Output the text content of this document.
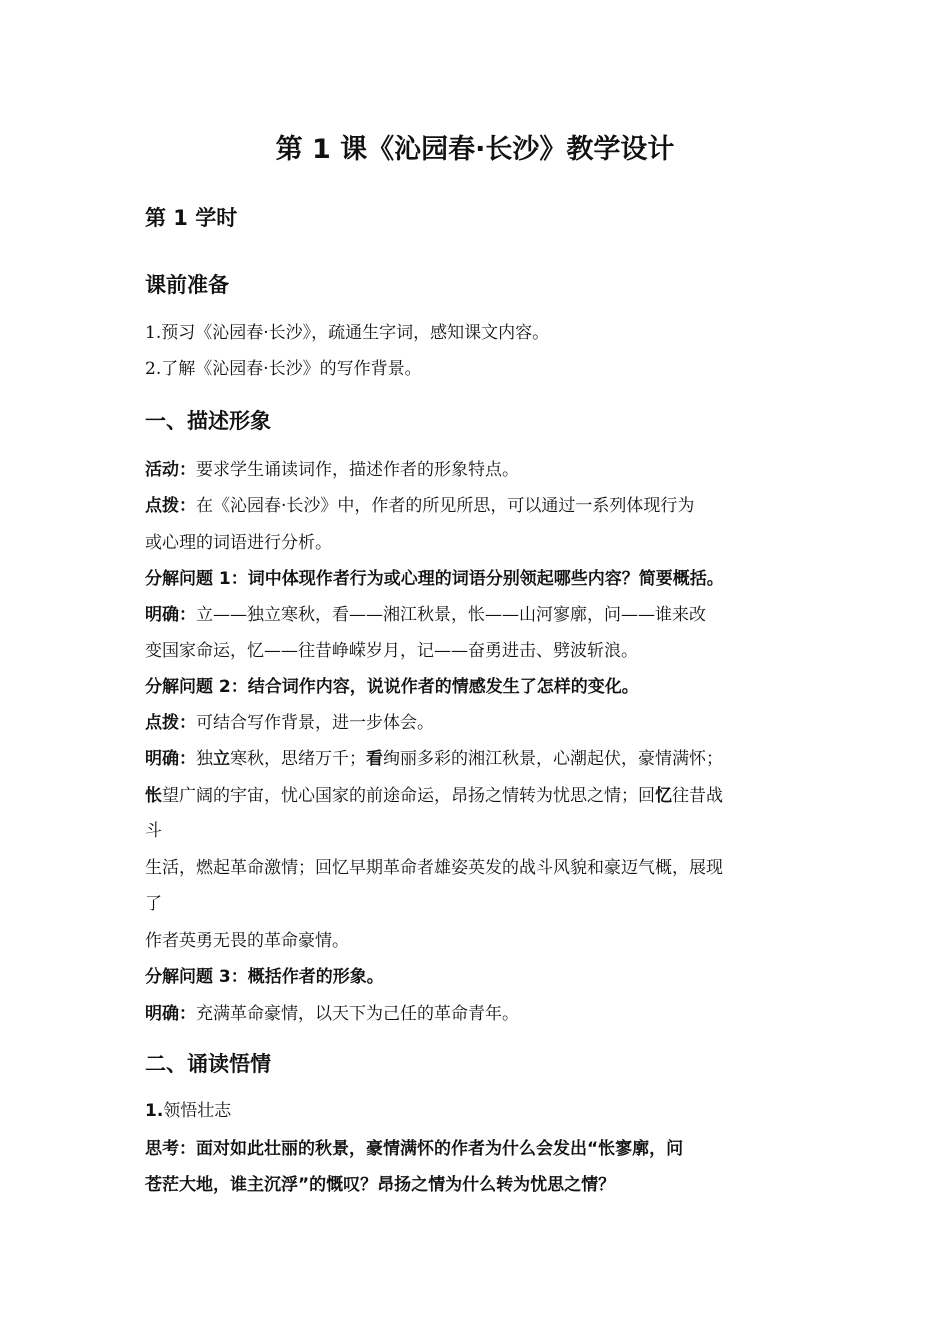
第 1 课《沁园春·长沙》教学设计
第 1 学时
课前准备
1.预习《沁园春·长沙》，疏通生字词，感知课文内容。
2.了解《沁园春·长沙》的写作背景。
一、描述形象
活动：要求学生诵读词作，描述作者的形象特点。
点拨：在《沁园春·长沙》中，作者的所见所思，可以通过一系列体现行为
或心理的词语进行分析。
分解问题 1：词中体现作者行为或心理的词语分别领起哪些内容？简要概括。
明确：立——独立寒秋，看——湘江秋景，怅——山河寥廓，问——谁来改
变国家命运，忆——往昔峥嵘岁月，记——奋勇进击、劈波斩浪。
分解问题 2：结合词作内容，说说作者的情感发生了怎样的变化。
点拨：可结合写作背景，进一步体会。
明确：独立寒秋，思绪万千；看绚丽多彩的湘江秋景，心潮起伏，豪情满怀；
怅望广阔的宇宙，忧心国家的前途命运，昂扬之情转为忧思之情；回忆往昔战
斗
生活，燃起革命激情；回忆早期革命者雄姿英发的战斗风貌和豪迈气概，展现
了
作者英勇无畏的革命豪情。
分解问题 3：概括作者的形象。
明确：充满革命豪情，以天下为己任的革命青年。
二、诵读悟情
1.领悟壮志
思考：面对如此壮丽的秋景，豪情满怀的作者为什么会发出“怅寥廓，问
苍茫大地，谁主沉浮”的慨叹？昂扬之情为什么转为忧思之情？
